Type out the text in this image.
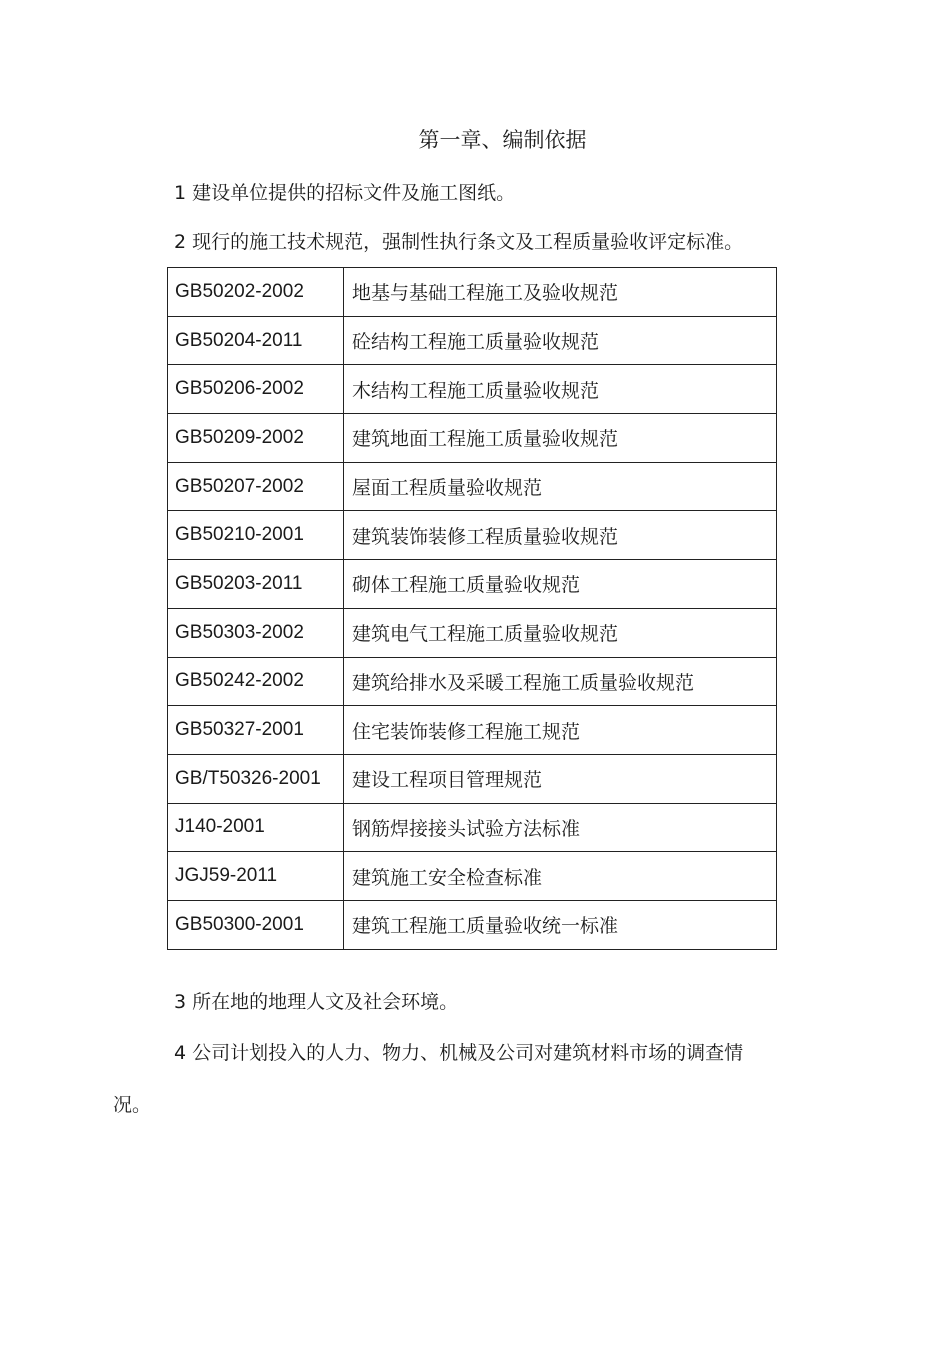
第一章、编制依据
1 建设单位提供的招标文件及施工图纸。
2 现行的施工技术规范，强制性执行条文及工程质量验收评定标准。
GB50202-2002	地基与基础工程施工及验收规范
GB50204-2011	砼结构工程施工质量验收规范
GB50206-2002	木结构工程施工质量验收规范
GB50209-2002	建筑地面工程施工质量验收规范
GB50207-2002	屋面工程质量验收规范
GB50210-2001	建筑装饰装修工程质量验收规范
GB50203-2011	砌体工程施工质量验收规范
GB50303-2002	建筑电气工程施工质量验收规范
GB50242-2002	建筑给排水及采暖工程施工质量验收规范
GB50327-2001	住宅装饰装修工程施工规范
GB/T50326-2001	建设工程项目管理规范
J140-2001	钢筋焊接接头试验方法标准
JGJ59-2011	建筑施工安全检查标准
GB50300-2001	建筑工程施工质量验收统一标准
3 所在地的地理人文及社会环境。
4 公司计划投入的人力、物力、机械及公司对建筑材料市场的调查情
况。
